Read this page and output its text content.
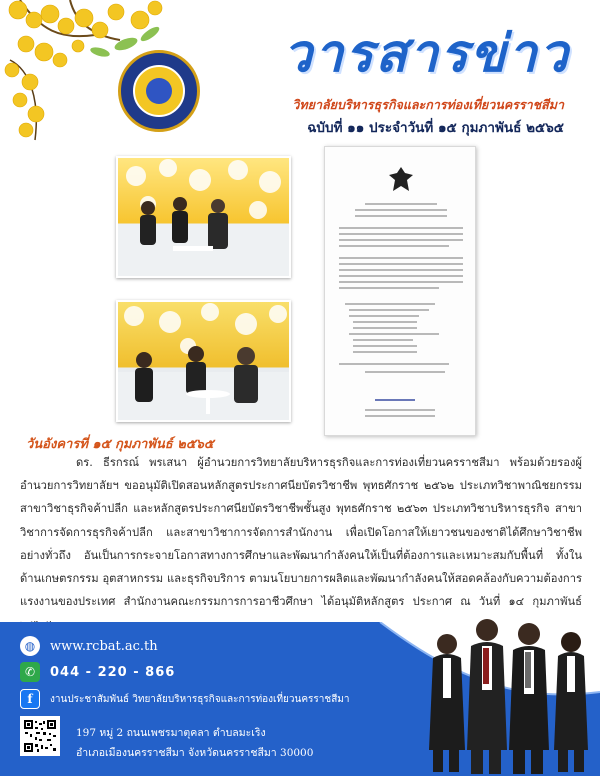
วารสารข่าว
วิทยาลัยบริหารธุรกิจและการท่องเที่ยวนครราชสีมา
ฉบับที่ ๑๑ ประจำวันที่ ๑๕ กุมภาพันธ์ ๒๕๖๕
วันอังคารที่ ๑๕ กุมภาพันธ์ ๒๕๖๕

ดร. ธีรกรณ์ พรเสนา ผู้อำนวยการวิทยาลัยบริหารธุรกิจและการท่องเที่ยวนครราชสีมา พร้อมด้วยรองผู้อำนวยการวิทยาลัยฯ ขออนุมัติเปิดสอนหลักสูตรประกาศนียบัตรวิชาชีพ พุทธศักราช ๒๕๖๒ ประเภทวิชาพาณิชยกรรม สาขาวิชาธุรกิจค้าปลีก และหลักสูตรประกาศนียบัตรวิชาชีพชั้นสูง พุทธศักราช ๒๕๖๓ ประเภทวิชาบริหารธุรกิจ สาขาวิชาการจัดการธุรกิจค้าปลีก และสาขาวิชาการจัดการสำนักงาน เพื่อเปิดโอกาสให้เยาวชนของชาติได้ศึกษาวิชาชีพอย่างทั่วถึง อันเป็นการกระจายโอกาสทางการศึกษาและพัฒนากำลังคนให้เป็นที่ต้องการและเหมาะสมกับพื้นที่ ทั้งในด้านเกษตรกรรม อุตสาหกรรม และธุรกิจบริการ ตามนโยบายการผลิตและพัฒนากำลังคนให้สอดคล้องกับความต้องการแรงงานของประเทศ สำนักงานคณะกรรมการการอาชีวศึกษา ได้อนุมัติหลักสูตร ประกาศ ณ วันที่ ๑๔ กุมภาพันธ์

◍	www.rcbat.ac.th
✆	044 - 220 - 866
f	งานประชาสัมพันธ์ วิทยาลัยบริหารธุรกิจและการท่องเที่ยวนครราชสีมา
197 หมู่ 2 ถนนเพชรมาตุคลา ตำบลมะเริง
อำเภอเมืองนครราชสีมา จังหวัดนครราชสีมา 30000
